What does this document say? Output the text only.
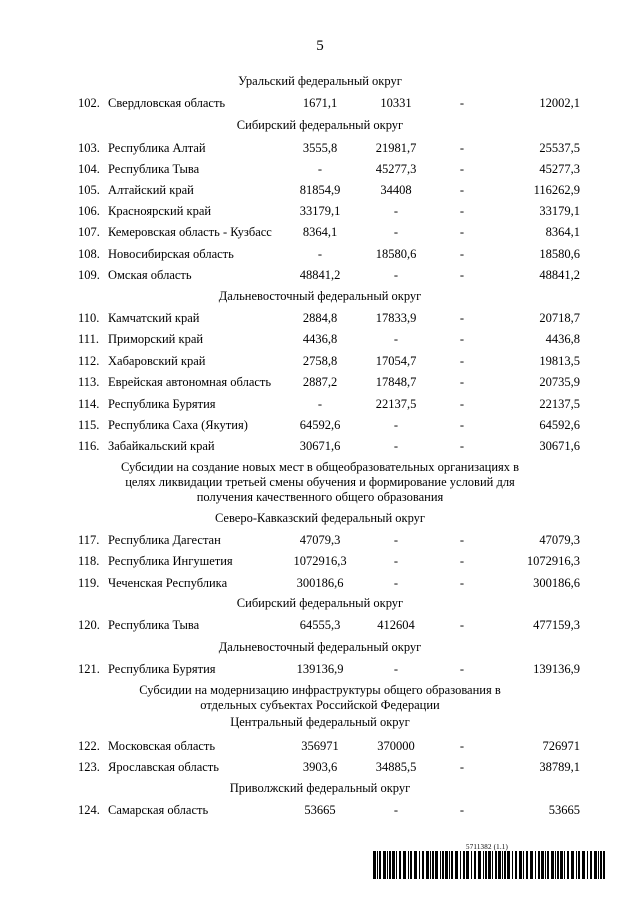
5
Уральский федеральный округ
102. Свердловская область	1671,1	10331	-	12002,1
Сибирский федеральный округ
103. Республика Алтай	3555,8	21981,7	-	25537,5
104. Республика Тыва	-	45277,3	-	45277,3
105. Алтайский край	81854,9	34408	-	116262,9
106. Красноярский край	33179,1	-	-	33179,1
107. Кемеровская область - Кузбасс	8364,1	-	-	8364,1
108. Новосибирская область	-	18580,6	-	18580,6
109. Омская область	48841,2	-	-	48841,2
Дальневосточный федеральный округ
110. Камчатский край	2884,8	17833,9	-	20718,7
111. Приморский край	4436,8	-	-	4436,8
112. Хабаровский край	2758,8	17054,7	-	19813,5
113. Еврейская автономная область	2887,2	17848,7	-	20735,9
114. Республика Бурятия	-	22137,5	-	22137,5
115. Республика Саха (Якутия)	64592,6	-	-	64592,6
116. Забайкальский край	30671,6	-	-	30671,6
Субсидии на создание новых мест в общеобразовательных организациях в целях ликвидации третьей смены обучения и формирование условий для получения качественного общего образования
Северо-Кавказский федеральный округ
117. Республика Дагестан	47079,3	-	-	47079,3
118. Республика Ингушетия	1072916,3	-	-	1072916,3
119. Чеченская Республика	300186,6	-	-	300186,6
Сибирский федеральный округ
120. Республика Тыва	64555,3	412604	-	477159,3
Дальневосточный федеральный округ
121. Республика Бурятия	139136,9	-	-	139136,9
Субсидии на модернизацию инфраструктуры общего образования в отдельных субъектах Российской Федерации
Центральный федеральный округ
122. Московская область	356971	370000	-	726971
123. Ярославская область	3903,6	34885,5	-	38789,1
Приволжский федеральный округ
124. Самарская область	53665	-	-	53665
5711382 (1.1)
